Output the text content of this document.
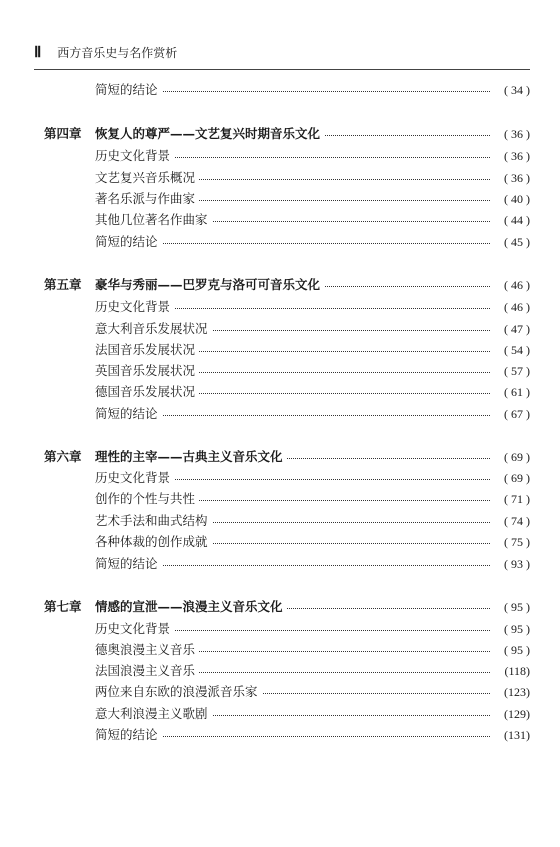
Ⅱ 西方音乐史与名作赏析
简短的结论	( 34 )
第四章 恢复人的尊严——文艺复兴时期音乐文化	( 36 )
历史文化背景	( 36 )
文艺复兴音乐概况	( 36 )
著名乐派与作曲家	( 40 )
其他几位著名作曲家	( 44 )
简短的结论	( 45 )
第五章 豪华与秀丽——巴罗克与洛可可音乐文化	( 46 )
历史文化背景	( 46 )
意大利音乐发展状况	( 47 )
法国音乐发展状况	( 54 )
英国音乐发展状况	( 57 )
德国音乐发展状况	( 61 )
简短的结论	( 67 )
第六章 理性的主宰——古典主义音乐文化	( 69 )
历史文化背景	( 69 )
创作的个性与共性	( 71 )
艺术手法和曲式结构	( 74 )
各种体裁的创作成就	( 75 )
简短的结论	( 93 )
第七章 情感的宣泄——浪漫主义音乐文化	( 95 )
历史文化背景	( 95 )
德奥浪漫主义音乐	( 95 )
法国浪漫主义音乐	(118)
两位来自东欧的浪漫派音乐家	(123)
意大利浪漫主义歌剧	(129)
简短的结论	(131)
